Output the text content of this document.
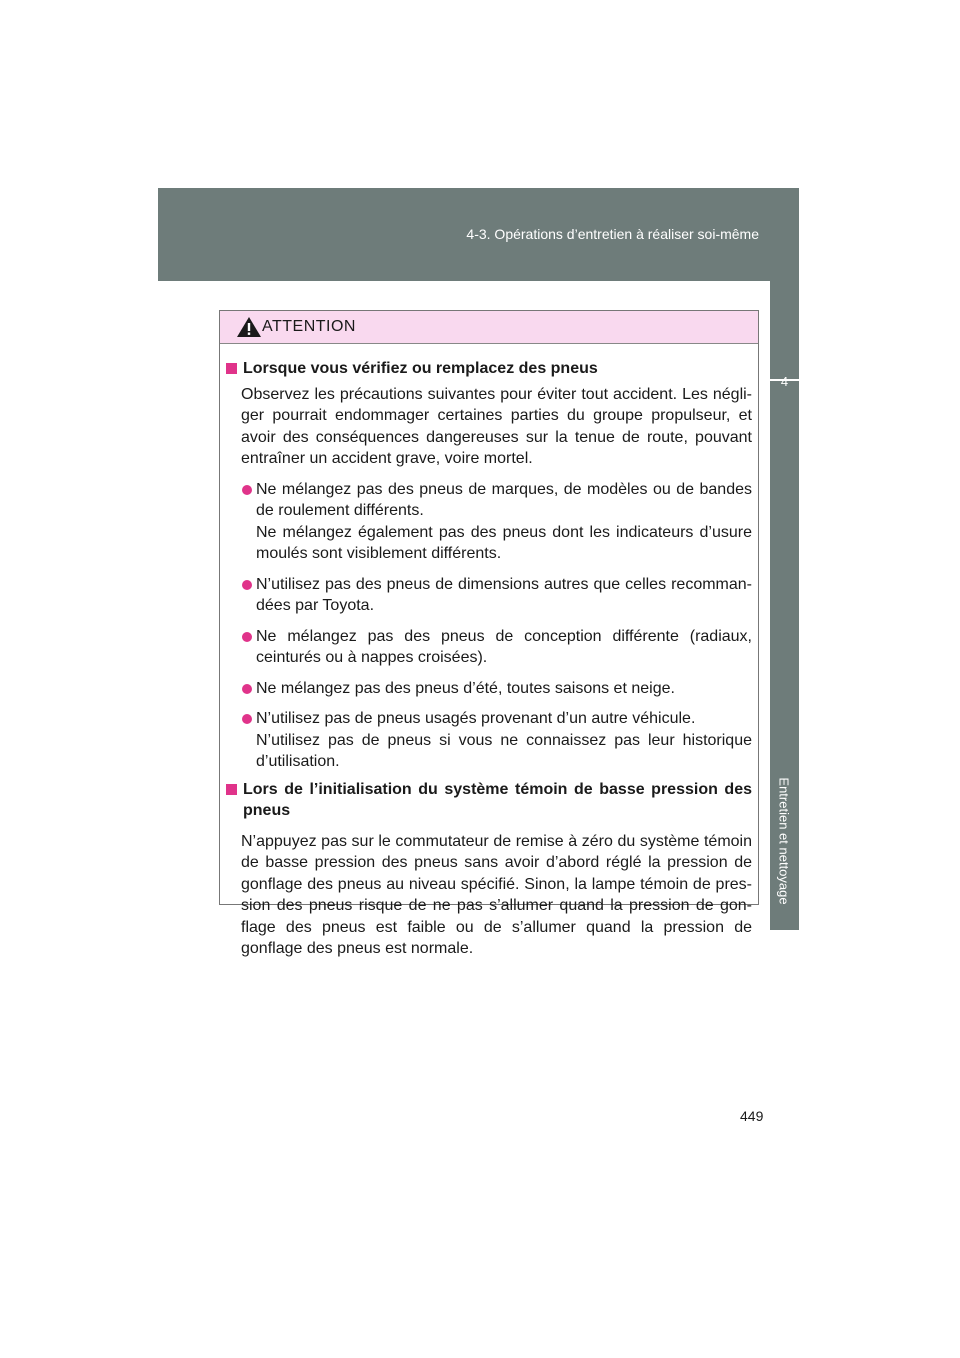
4-3. Opérations d’entretien à réaliser soi-même
4
Entretien et nettoyage
ATTENTION
Lorsque vous vérifiez ou remplacez des pneus
Observez les précautions suivantes pour éviter tout accident. Les négliger pourrait endommager certaines parties du groupe propulseur, et avoir des conséquences dangereuses sur la tenue de route, pouvant entraîner un accident grave, voire mortel.
Ne mélangez pas des pneus de marques, de modèles ou de bandes de roulement différents.
Ne mélangez également pas des pneus dont les indicateurs d’usure moulés sont visiblement différents.
N’utilisez pas des pneus de dimensions autres que celles recommandées par Toyota.
Ne mélangez pas des pneus de conception différente (radiaux, ceinturés ou à nappes croisées).
Ne mélangez pas des pneus d’été, toutes saisons et neige.
N’utilisez pas de pneus usagés provenant d’un autre véhicule.
N’utilisez pas de pneus si vous ne connaissez pas leur historique d’utilisation.
Lors de l’initialisation du système témoin de basse pression des pneus
N’appuyez pas sur le commutateur de remise à zéro du système témoin de basse pression des pneus sans avoir d’abord réglé la pression de gonflage des pneus au niveau spécifié. Sinon, la lampe témoin de pression des pneus risque de ne pas s’allumer quand la pression de gonflage des pneus est faible ou de s’allumer quand la pression de gonflage des pneus est normale.
449
